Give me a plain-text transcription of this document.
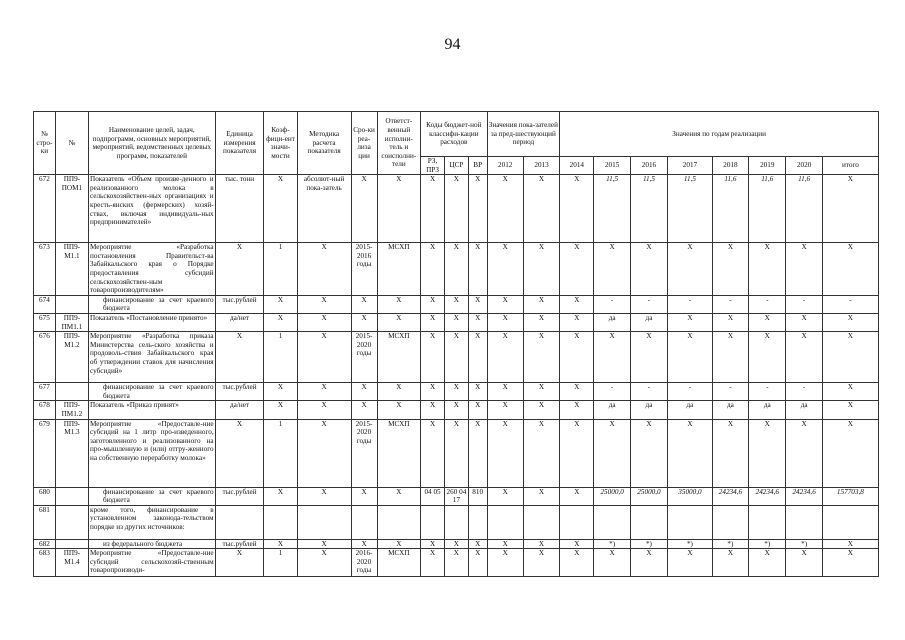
94
№ стро-ки	№	Наименование целей, задач, подпрограмм, основных мероприятий, мероприятий, ведомственных целевых программ, показателей	Единица измерения показателя	Коэф-фици-ент значи-мости	Методика расчета показателя	Сро-ки реа-лиза ции	Ответст-венный исполни-тель и соисполни-тели	Коды бюджет-ной классифи-кации расходов			Значения пока-зателей за пред-шествующий период		Значения по годам реализации							
								РЗ, ПРЗ	ЦСР	ВР	2012	2013	2014	2015	2016	2017	2018	2019	2020	итого
672	ПП9-ПОМ1	Показатель «Объем произве-денного и реализованного молока в сельскохозяйствен-ных организациях и кресть-янских (фермерских) хозяй-ствах, включая индивидуаль-ных предпринимателей»	тыс. тонн	Х	абсолют-ный пока-затель	Х	Х	Х	Х	Х	Х	Х	Х	11,5	11,5	11,5	11,6	11,6	11,6	Х
673	ПП9-М1.1	Мероприятие «Разработка постановления Правительст-ва Забайкальского края о Порядке предоставления субсидий сельскохозяйствен-ным товаропроизводителям»	Х	1	Х	2015-2016 годы	МСХП	Х	Х	Х	Х	Х	Х	Х	Х	Х	Х	Х	Х	Х
674		финансирование за счет краевого бюджета	тыс.рублей	Х	Х	Х	Х	Х	Х	Х	Х	Х	Х	-	-	-	-	-	-	-
675	ПП9-ПМ1.1	Показатель «Постановление принято»	да/нет	Х	Х	Х	Х	Х	Х	Х	Х	Х	Х	да	да	Х	Х	Х	Х	Х
676	ПП9-М1.2	Мероприятие «Разработка приказа Министерства сель-ского хозяйства и продоволь-ствия Забайкальского края об утверждении ставок для начисления субсидий»	Х	1	Х	2015-2020 годы	МСХП	Х	Х	Х	Х	Х	Х	Х	Х	Х	Х	Х	Х	Х
677		финансирование за счет краевого бюджета	тыс.рублей	Х	Х	Х	Х	Х	Х	Х	Х	Х	Х	-	-	-	-	-	-	Х
678	ПП9-ПМ1.2	Показатель «Приказ принят»	да/нет	Х	Х	Х	Х	Х	Х	Х	Х	Х	Х	да	да	да	да	да	да	Х
679	ПП9-М1.3	Мероприятие «Предоставле-ние субсидий на 1 литр про-изведенного, заготовленного и реализованного на про-мышленную и (или) отгру-женного на собственную переработку молока»	Х	1	Х	2015-2020 годы	МСХП	Х	Х	Х	Х	Х	Х	Х	Х	Х	Х	Х	Х	Х
680		финансирование за счет краевого бюджета	тыс.рублей	Х	Х	Х	Х	04 05	260 04 17	810	Х	Х	Х	25000,0	25000,0	35000,0	24234,6	24234,6	24234,6	157703,8
681		кроме того, финансирование в установленном законода-тельством порядке из других источников:																		
682		из федерального бюджета	тыс.рублей	Х	Х	Х	Х	Х	Х	Х	Х	Х	Х	*)	*)	*)	*)	*)	*)	Х
683	ПП9-М1.4	Мероприятие «Предоставле-ние субсидий сельскохозяй-ственным товаропроизводи-	Х	1	Х	2016-2020 годы	МСХП	Х	Х	Х	Х	Х	Х	Х	Х	Х	Х	Х	Х	Х
